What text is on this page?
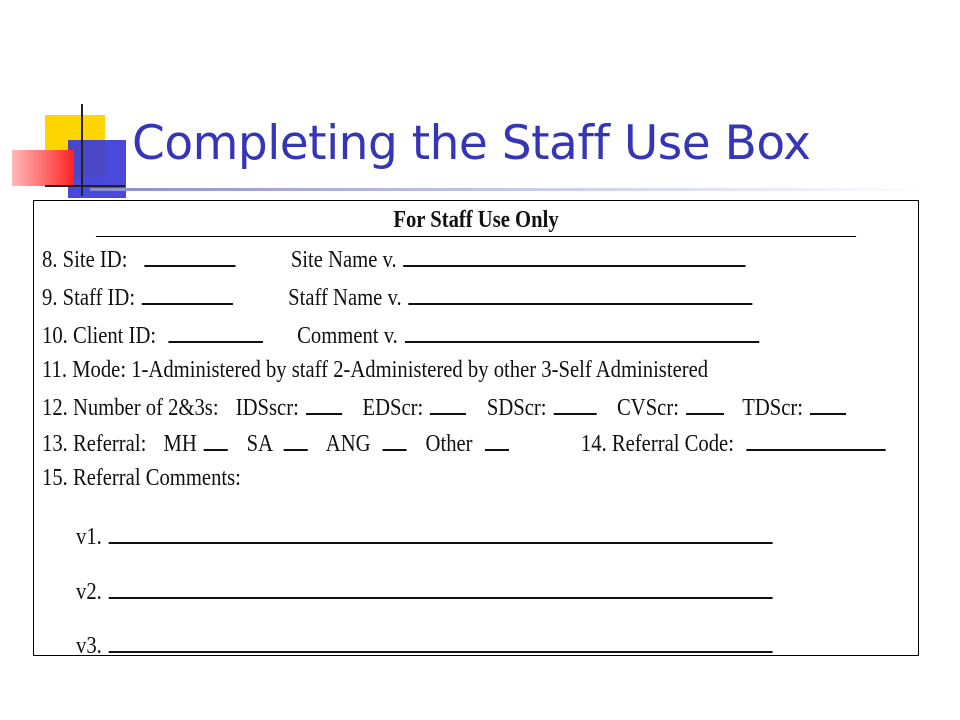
Completing the Staff Use Box
For Staff Use Only
8. Site ID:	Site Name v.
9. Staff ID:	Staff Name v.
10. Client ID:	Comment v.
11. Mode: 1-Administered by staff 2-Administered by other 3-Self Administered
12. Number of 2&3s: IDSscr:	EDScr:	SDScr:	CVScr:	TDScr:
13. Referral: MH SA ANG Other	14. Referral Code:
15. Referral Comments:
v1.
v2.
v3.
